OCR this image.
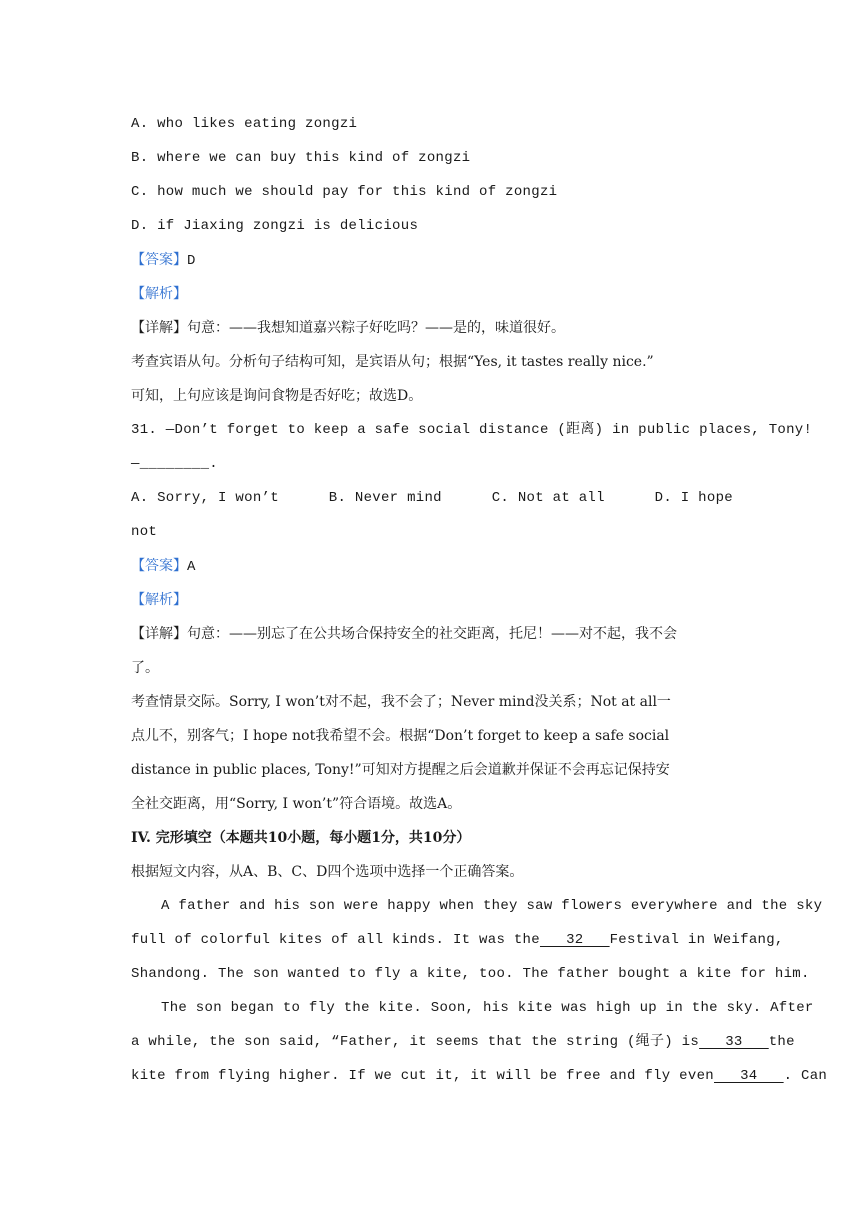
A. who likes eating zongzi
B. where we can buy this kind of zongzi
C. how much we should pay for this kind of zongzi
D. if Jiaxing zongzi is delicious
【答案】D
【解析】
【详解】句意：——我想知道嘉兴粽子好吃吗？——是的，味道很好。
考查宾语从句。分析句子结构可知，是宾语从句；根据“Yes, it tastes really nice.”
可知，上句应该是询问食物是否好吃；故选D。
31. —Don’t forget to keep a safe social distance (距离) in public places, Tony!
—________.
A. Sorry, I won’t	B. Never mind	C. Not at all	D. I hope
not
【答案】A
【解析】
【详解】句意：——别忘了在公共场合保持安全的社交距离，托尼！——对不起，我不会
了。
考查情景交际。Sorry, I won’t对不起，我不会了；Never mind没关系；Not at all一
点儿不，别客气；I hope not我希望不会。根据“Don’t forget to keep a safe social
distance in public places, Tony!”可知对方提醒之后会道歉并保证不会再忘记保持安
全社交距离，用“Sorry, I won’t”符合语境。故选A。
IV. 完形填空（本题共10小题，每小题1分，共10分）
根据短文内容，从A、B、C、D四个选项中选择一个正确答案。
A father and his son were happy when they saw flowers everywhere and the sky
full of colorful kites of all kinds. It was the 32 Festival in Weifang,
Shandong. The son wanted to fly a kite, too. The father bought a kite for him.
The son began to fly the kite. Soon, his kite was high up in the sky. After
a while, the son said, “Father, it seems that the string (绳子) is 33 the
kite from flying higher. If we cut it, it will be free and fly even 34 . Can
